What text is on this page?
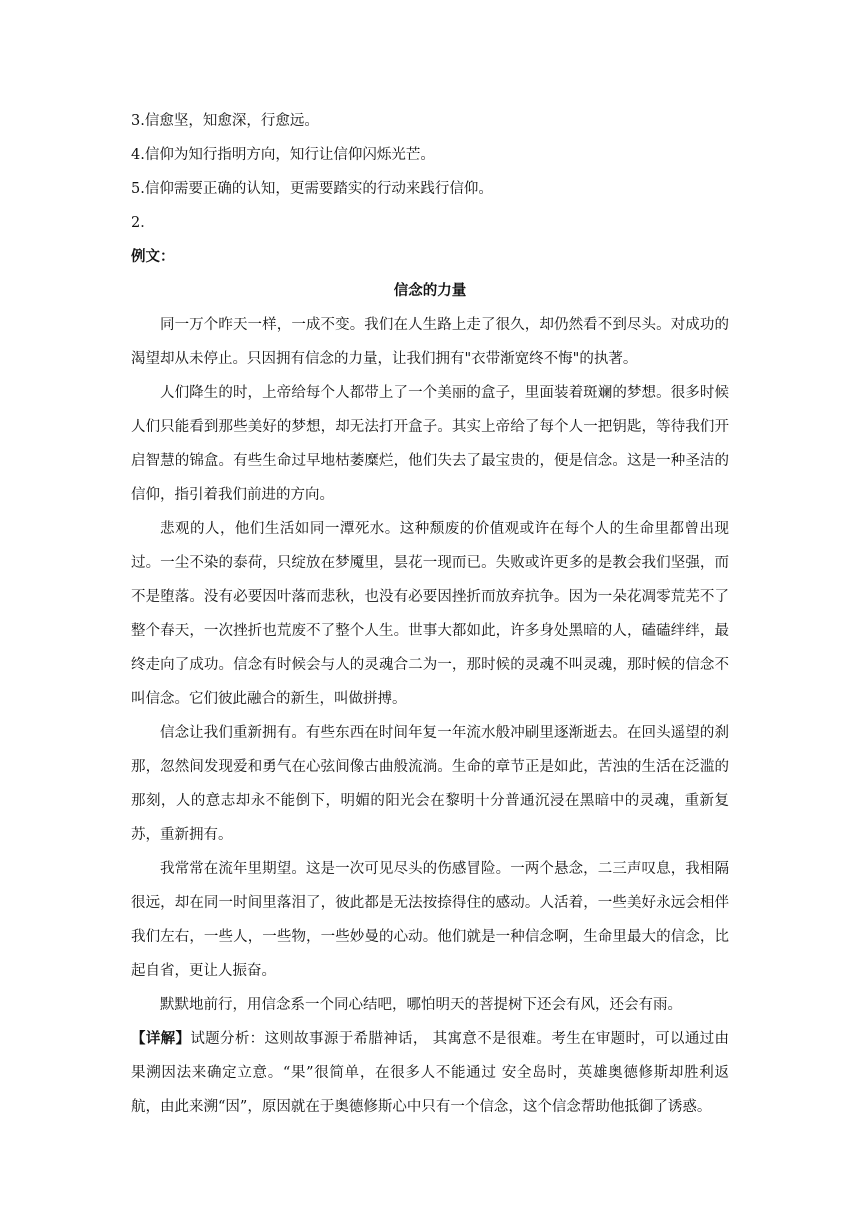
3.信愈坚，知愈深，行愈远。

4.信仰为知行指明方向，知行让信仰闪烁光芒。

5.信仰需要正确的认知，更需要踏实的行动来践行信仰。

2．

例文：

信念的力量

同一万个昨天一样，一成不变。我们在人生路上走了很久，却仍然看不到尽头。对成功的渴望却从未停止。只因拥有信念的力量，让我们拥有"衣带渐宽终不悔"的执著。

人们降生的时，上帝给每个人都带上了一个美丽的盒子，里面装着斑斓的梦想。很多时候人们只能看到那些美好的梦想，却无法打开盒子。其实上帝给了每个人一把钥匙，等待我们开启智慧的锦盒。有些生命过早地枯萎糜烂，他们失去了最宝贵的，便是信念。这是一种圣洁的信仰，指引着我们前进的方向。

悲观的人，他们生活如同一潭死水。这种颓废的价值观或许在每个人的生命里都曾出现过。一尘不染的泰荷，只绽放在梦魇里，昙花一现而已。失败或许更多的是教会我们坚强，而不是堕落。没有必要因叶落而悲秋，也没有必要因挫折而放弃抗争。因为一朵花凋零荒芜不了整个春天，一次挫折也荒废不了整个人生。世事大都如此，许多身处黑暗的人，磕磕绊绊，最终走向了成功。信念有时候会与人的灵魂合二为一，那时候的灵魂不叫灵魂，那时候的信念不叫信念。它们彼此融合的新生，叫做拼搏。

信念让我们重新拥有。有些东西在时间年复一年流水般冲刷里逐渐逝去。在回头遥望的刹那，忽然间发现爱和勇气在心弦间像古曲般流淌。生命的章节正是如此，苦浊的生活在泛滥的那刻，人的意志却永不能倒下，明媚的阳光会在黎明十分普通沉浸在黑暗中的灵魂，重新复苏，重新拥有。

我常常在流年里期望。这是一次可见尽头的伤感冒险。一两个悬念，二三声叹息，我相隔很远，却在同一时间里落泪了，彼此都是无法按捺得住的感动。人活着，一些美好永远会相伴我们左右，一些人，一些物，一些妙曼的心动。他们就是一种信念啊，生命里最大的信念，比起自省，更让人振奋。

默默地前行，用信念系一个同心结吧，哪怕明天的菩提树下还会有风，还会有雨。

【详解】试题分析：这则故事源于希腊神话， 其寓意不是很难。考生在审题时，可以通过由果溯因法来确定立意。“果”很简单，在很多人不能通过 安全岛时，英雄奥德修斯却胜利返航，由此来溯“因”，原因就在于奥德修斯心中只有一个信念，这个信念帮助他抵御了诱惑。
